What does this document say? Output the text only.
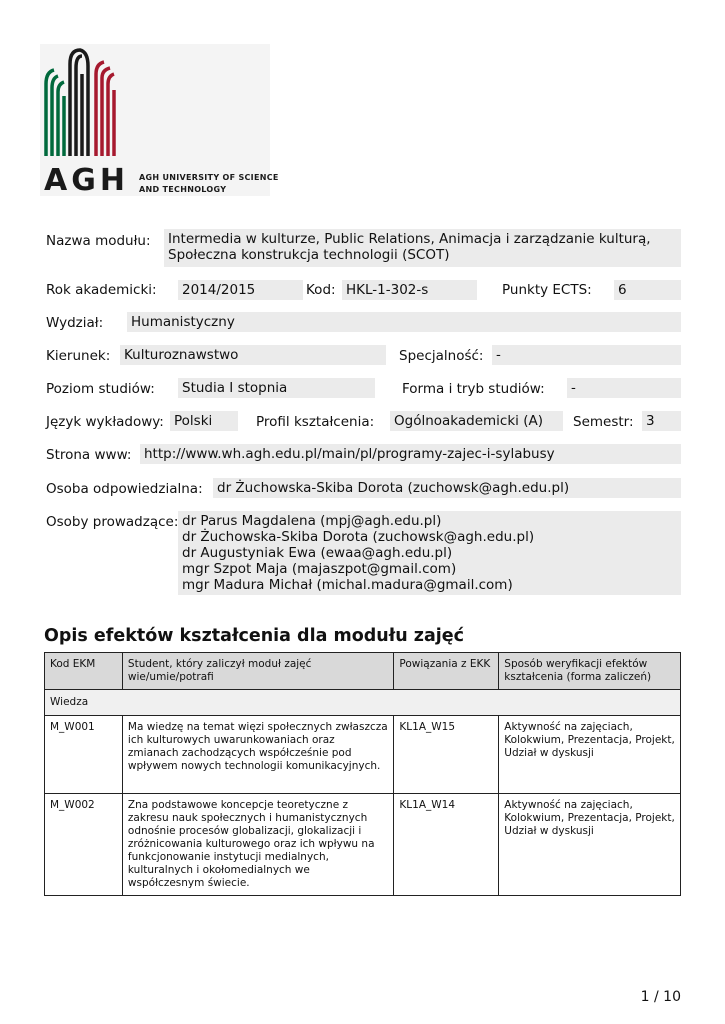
AGH AGH UNIVERSITY OF SCIENCE
AND TECHNOLOGY
Nazwa modułu: Intermedia w kulturze, Public Relations, Animacja i zarządzanie kulturą,
Społeczna konstrukcja technologii (SCOT)
Rok akademicki: 2014/2015	Kod: HKL-1-302-s	Punkty ECTS: 6
Wydział: Humanistyczny
Kierunek: Kulturoznawstwo	Specjalność: -
Poziom studiów: Studia I stopnia	Forma i tryb studiów: -
Język wykładowy: Polski	Profil kształcenia: Ogólnoakademicki (A)	Semestr: 3
Strona www: http://www.wh.agh.edu.pl/main/pl/programy-zajec-i-sylabusy
Osoba odpowiedzialna: dr Żuchowska-Skiba Dorota (zuchowsk@agh.edu.pl)
Osoby prowadzące: dr Parus Magdalena (mpj@agh.edu.pl)
dr Żuchowska-Skiba Dorota (zuchowsk@agh.edu.pl)
dr Augustyniak Ewa (ewaa@agh.edu.pl)
mgr Szpot Maja (majaszpot@gmail.com)
mgr Madura Michał (michal.madura@gmail.com)
Opis efektów kształcenia dla modułu zajęć
Kod EKM	Student, który zaliczył moduł zajęć wie/umie/potrafi	Powiązania z EKK	Sposób weryfikacji efektów kształcenia (forma zaliczeń)
Wiedza			
M_W001	Ma wiedzę na temat więzi społecznych zwłaszcza ich kulturowych uwarunkowaniach oraz zmianach zachodzących współcześnie pod wpływem nowych technologii komunikacyjnych.	KL1A_W15	Aktywność na zajęciach, Kolokwium, Prezentacja, Projekt, Udział w dyskusji
M_W002	Zna podstawowe koncepcje teoretyczne z zakresu nauk społecznych i humanistycznych odnośnie procesów globalizacji, glokalizacji i zróżnicowania kulturowego oraz ich wpływu na funkcjonowanie instytucji medialnych, kulturalnych i okołomedialnych we współczesnym świecie.	KL1A_W14	Aktywność na zajęciach, Kolokwium, Prezentacja, Projekt, Udział w dyskusji
1 / 10
